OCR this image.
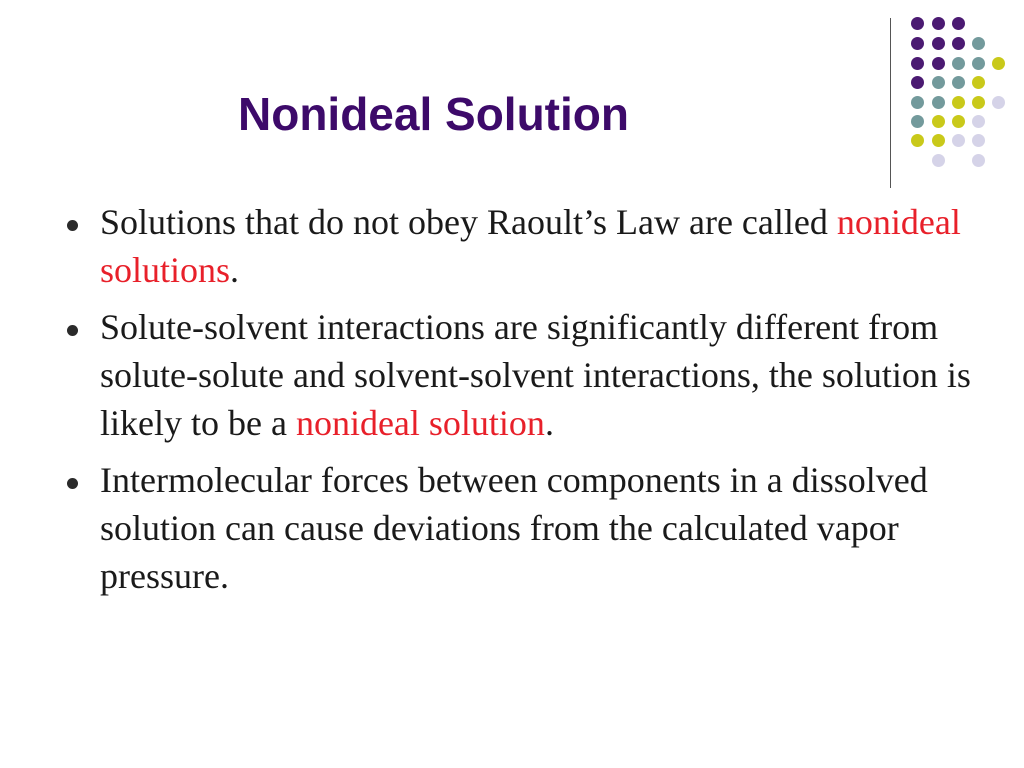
Nonideal Solution
Solutions that do not obey Raoult’s Law are called nonideal solutions.
Solute-solvent interactions are significantly different from solute-solute and solvent-solvent interactions, the solution is likely to be a nonideal solution.
Intermolecular forces between components in a dissolved solution can cause deviations from the calculated vapor pressure.
